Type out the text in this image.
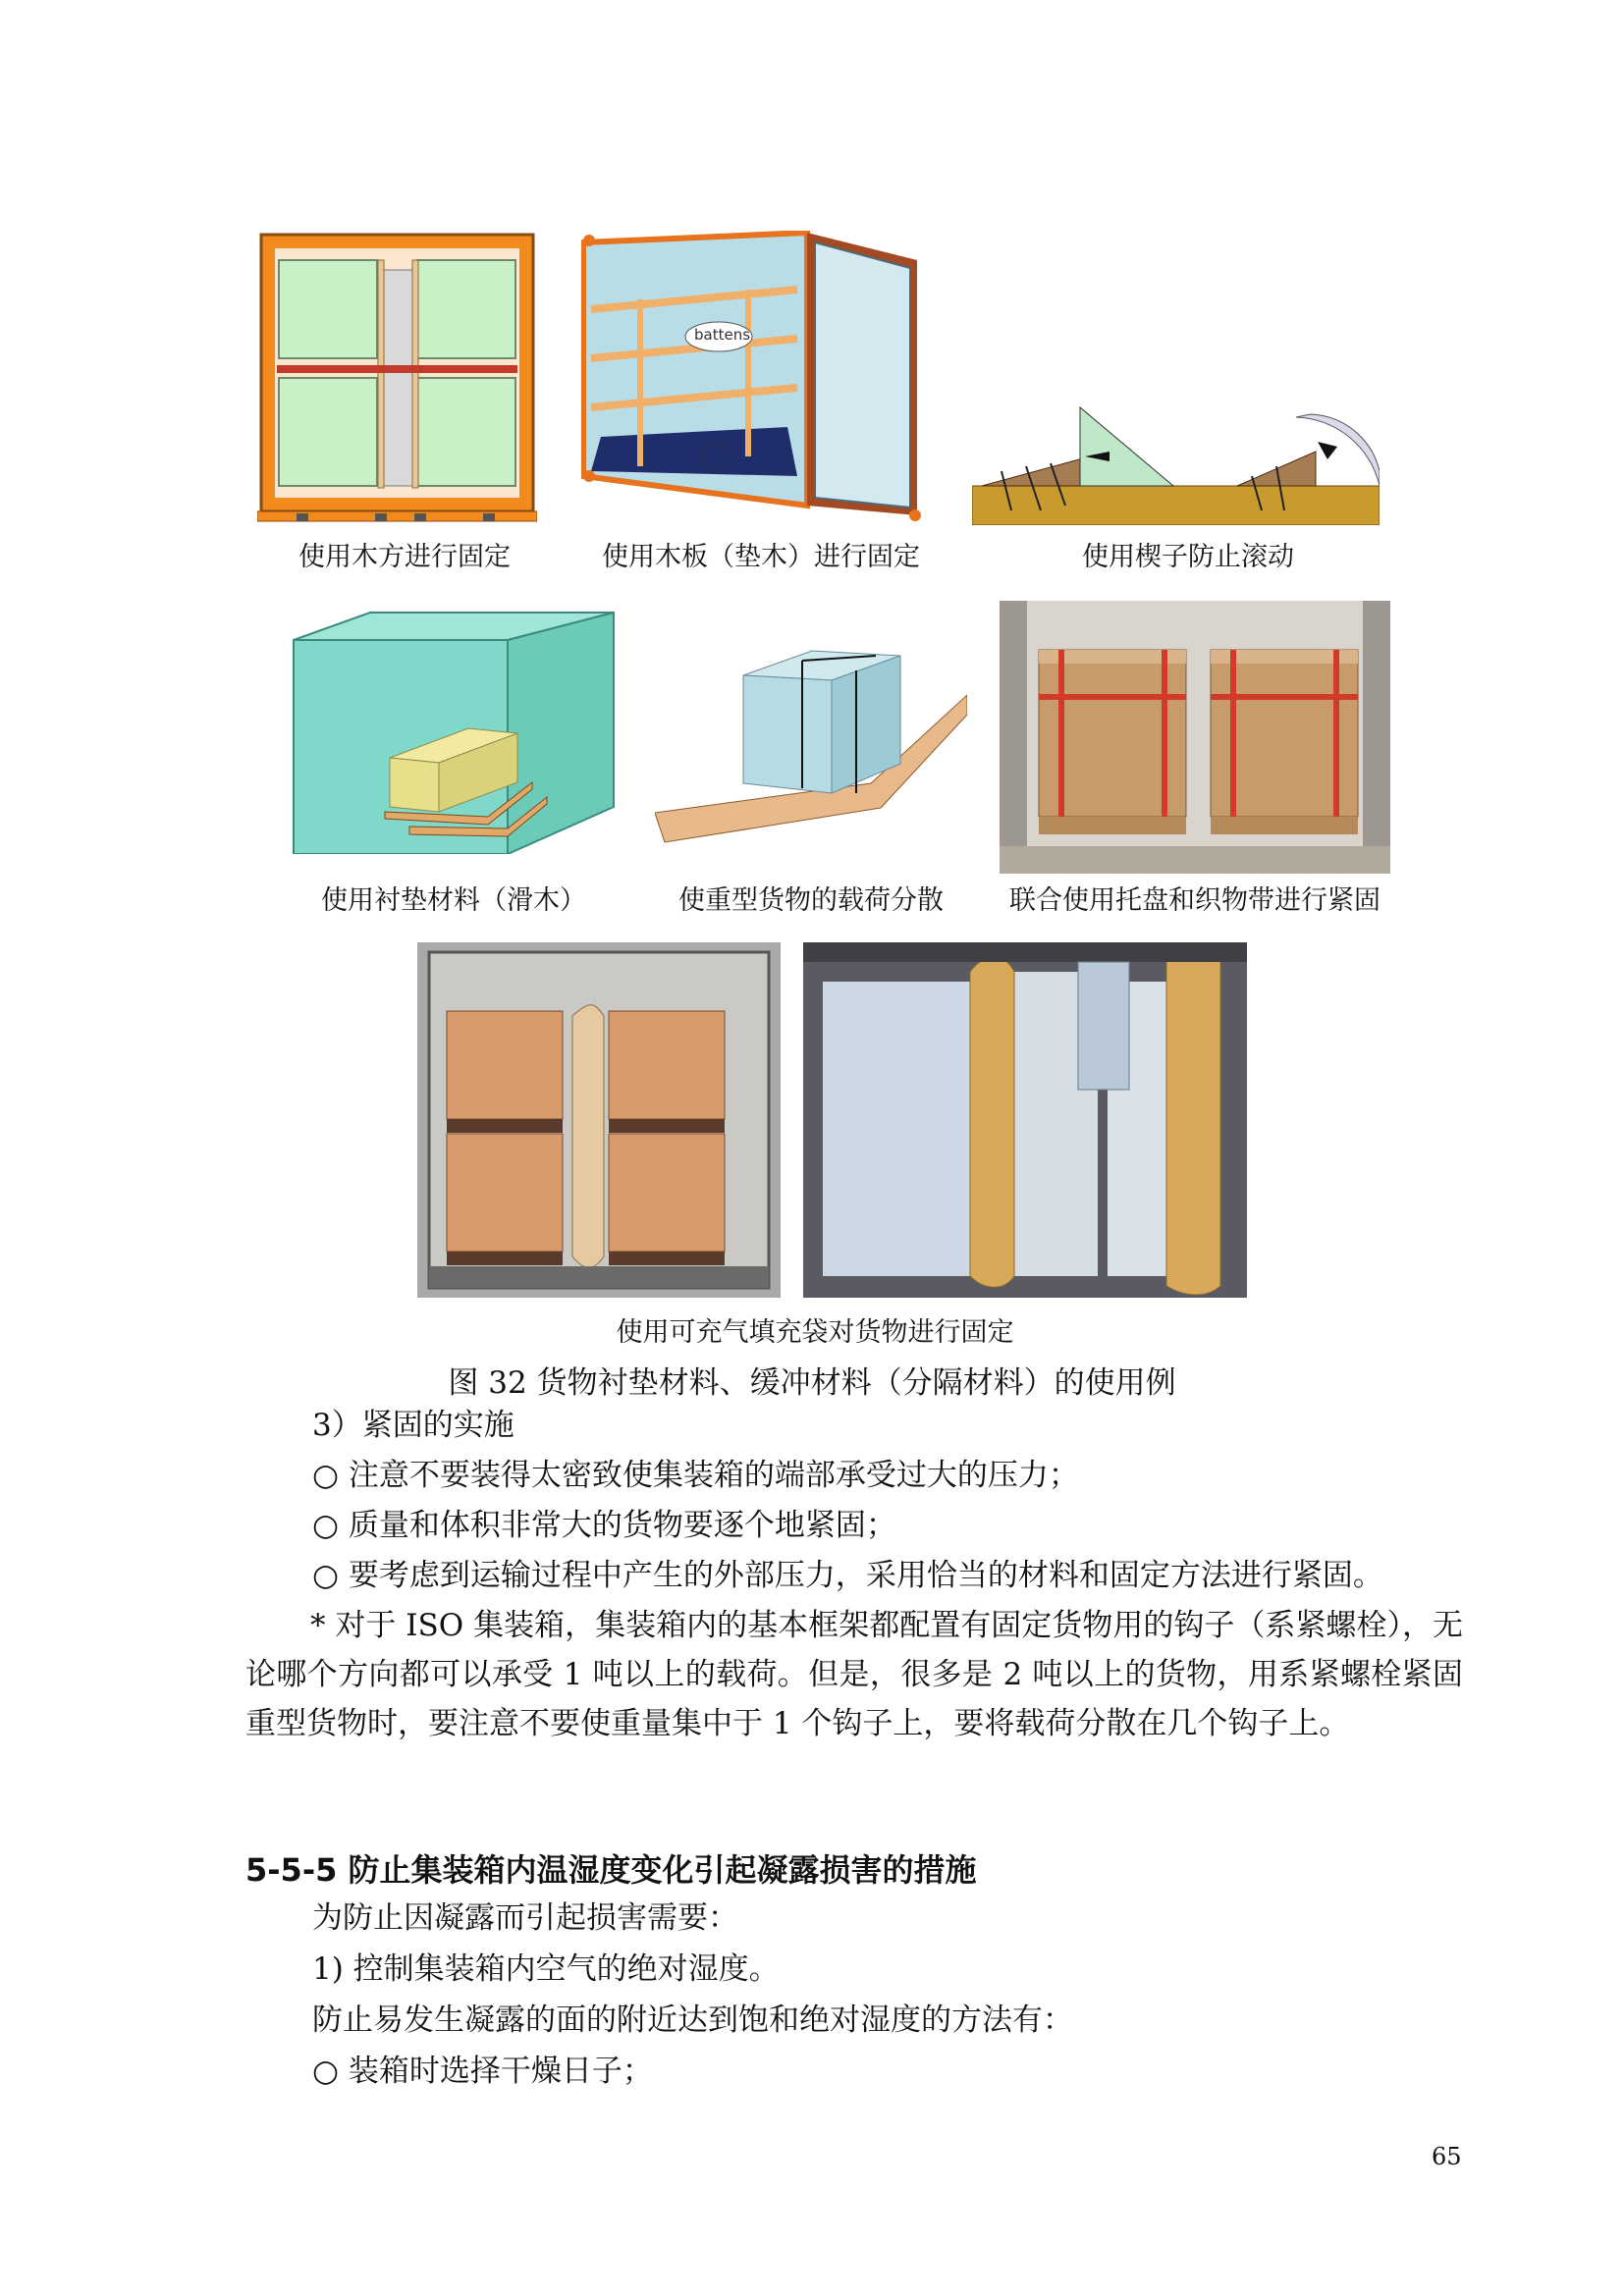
使用木方进行固定
battens
使用木板（垫木）进行固定	使用楔子防止滚动
使用衬垫材料（滑木）	使重型货物的载荷分散	联合使用托盘和织物带进行紧固
使用可充气填充袋对货物进行固定
图 32 货物衬垫材料、缓冲材料（分隔材料）的使用例
3）紧固的实施
○ 注意不要装得太密致使集装箱的端部承受过大的压力；
○ 质量和体积非常大的货物要逐个地紧固；
○ 要考虑到运输过程中产生的外部压力，采用恰当的材料和固定方法进行紧固。
* 对于 ISO 集装箱，集装箱内的基本框架都配置有固定货物用的钩子（系紧螺栓），无论哪个方向都可以承受 1 吨以上的载荷。但是，很多是 2 吨以上的货物，用系紧螺栓紧固重型货物时，要注意不要使重量集中于 1 个钩子上，要将载荷分散在几个钩子上。
5-5-5 防止集装箱内温湿度变化引起凝露损害的措施
为防止因凝露而引起损害需要：
1) 控制集装箱内空气的绝对湿度。
防止易发生凝露的面的附近达到饱和绝对湿度的方法有：
○ 装箱时选择干燥日子；
65
